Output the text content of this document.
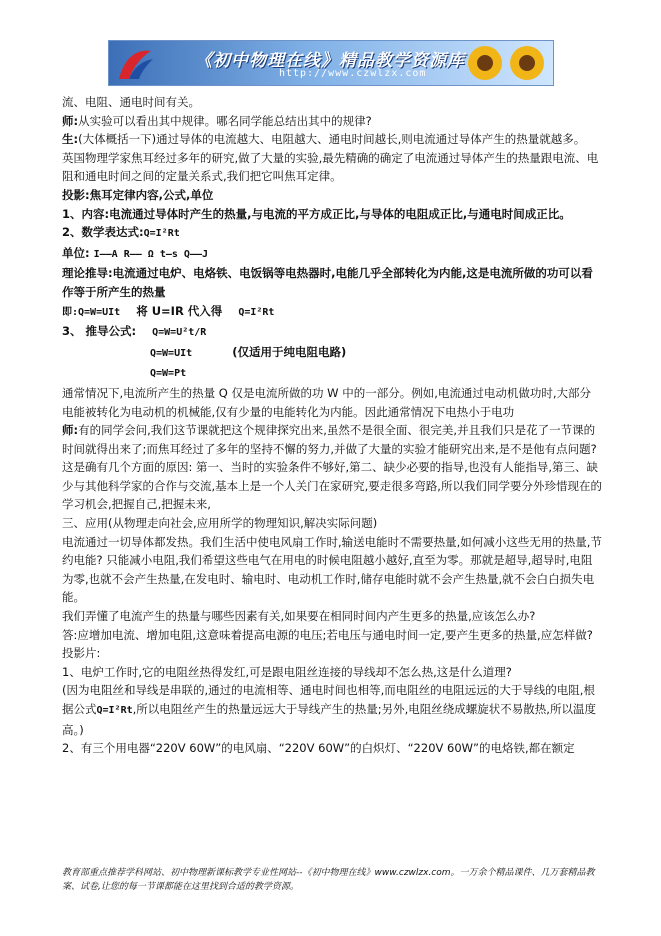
《初中物理在线》精品教学资源库
http://www.czwlzx.com

流、电阻、通电时间有关。

师:从实验可以看出其中规律。哪名同学能总结出其中的规律?

生:(大体概括一下)通过导体的电流越大、电阻越大、通电时间越长,则电流通过导体产生的热量就越多。

英国物理学家焦耳经过多年的研究,做了大量的实验,最先精确的确定了电流通过导体产生的热量跟电流、电阻和通电时间之间的定量关系式,我们把它叫焦耳定律。

投影:焦耳定律内容,公式,单位

1、内容:电流通过导体时产生的热量,与电流的平方成正比,与导体的电阻成正比,与通电时间成正比。

2、数学表达式:Q=I²Rt

单位: I——A R—— Ω t—s Q——J

理论推导:电流通过电炉、电烙铁、电饭锅等电热器时,电能几乎全部转化为内能,这是电流所做的功可以看作等于所产生的热量

即:Q=W=UIt 将 U=IR 代入得 Q=I²Rt

3、 推导公式: Q=W=U²t/R

Q=W=UIt	(仅适用于纯电阻电路)

Q=W=Pt

通常情况下,电流所产生的热量 Q 仅是电流所做的功 W 中的一部分。例如,电流通过电动机做功时,大部分电能被转化为电动机的机械能,仅有少量的电能转化为内能。因此通常情况下电热小于电功

师:有的同学会问,我们这节课就把这个规律探究出来,虽然不是很全面、很完美,并且我们只是花了一节课的时间就得出来了;而焦耳经过了多年的坚持不懈的努力,并做了大量的实验才能研究出来,是不是他有点问题? 这是确有几个方面的原因: 第一、当时的实验条件不够好,第二、缺少必要的指导,也没有人能指导,第三、缺少与其他科学家的合作与交流,基本上是一个人关门在家研究,要走很多弯路,所以我们同学要分外珍惜现在的学习机会,把握自己,把握未来,

三、应用(从物理走向社会,应用所学的物理知识,解决实际问题)

电流通过一切导体都发热。我们生活中使电风扇工作时,输送电能时不需要热量,如何减小这些无用的热量,节约电能? 只能减小电阻,我们希望这些电气在用电的时候电阻越小越好,直至为零。那就是超导,超导时,电阻为零,也就不会产生热量,在发电时、输电时、电动机工作时,储存电能时就不会产生热量,就不会白白损失电能。

我们弄懂了电流产生的热量与哪些因素有关,如果要在相同时间内产生更多的热量,应该怎么办?

答:应增加电流、增加电阻,这意味着提高电源的电压;若电压与通电时间一定,要产生更多的热量,应怎样做?

投影片:

1、电炉工作时,它的电阻丝热得发红,可是跟电阻丝连接的导线却不怎么热,这是什么道理?

(因为电阻丝和导线是串联的,通过的电流相等、通电时间也相等,而电阻丝的电阻远远的大于导线的电阻,根据公式Q=I²Rt,所以电阻丝产生的热量远远大于导线产生的热量;另外,电阻丝绕成螺旋状不易散热,所以温度高。)

2、有三个用电器“220V 60W”的电风扇、“220V 60W”的白炽灯、“220V 60W”的电烙铁,都在额定

教育部重点推荐学科网站、初中物理新课标教学专业性网站--《初中物理在线》www.czwlzx.com。一万余个精品课件、几万套精品教案、试卷,让您的每一节课都能在这里找到合适的教学资源。
